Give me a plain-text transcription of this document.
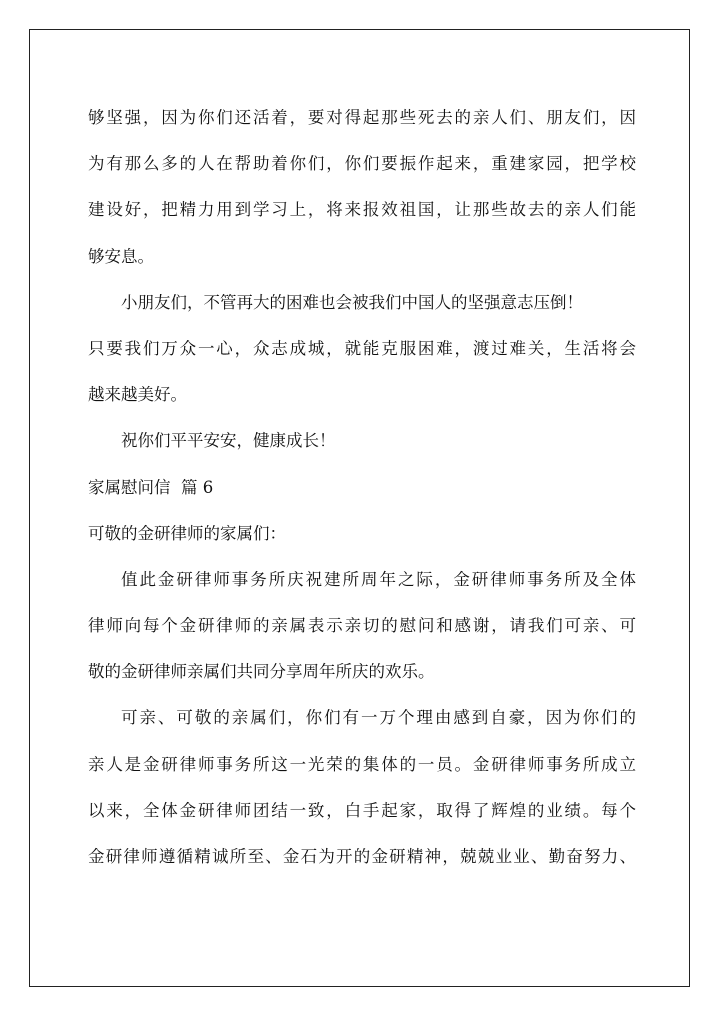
够坚强，因为你们还活着，要对得起那些死去的亲人们、朋友们，因
为有那么多的人在帮助着你们，你们要振作起来，重建家园，把学校
建设好，把精力用到学习上，将来报效祖国，让那些故去的亲人们能
够安息。
小朋友们，不管再大的困难也会被我们中国人的坚强意志压倒！
只要我们万众一心，众志成城，就能克服困难，渡过难关，生活将会
越来越美好。
祝你们平平安安，健康成长！
家属慰问信  篇 6
可敬的金研律师的家属们：
值此金研律师事务所庆祝建所周年之际，金研律师事务所及全体
律师向每个金研律师的亲属表示亲切的慰问和感谢，请我们可亲、可
敬的金研律师亲属们共同分享周年所庆的欢乐。
可亲、可敬的亲属们，你们有一万个理由感到自豪，因为你们的
亲人是金研律师事务所这一光荣的集体的一员。金研律师事务所成立
以来，全体金研律师团结一致，白手起家，取得了辉煌的业绩。每个
金研律师遵循精诚所至、金石为开的金研精神，兢兢业业、勤奋努力、
